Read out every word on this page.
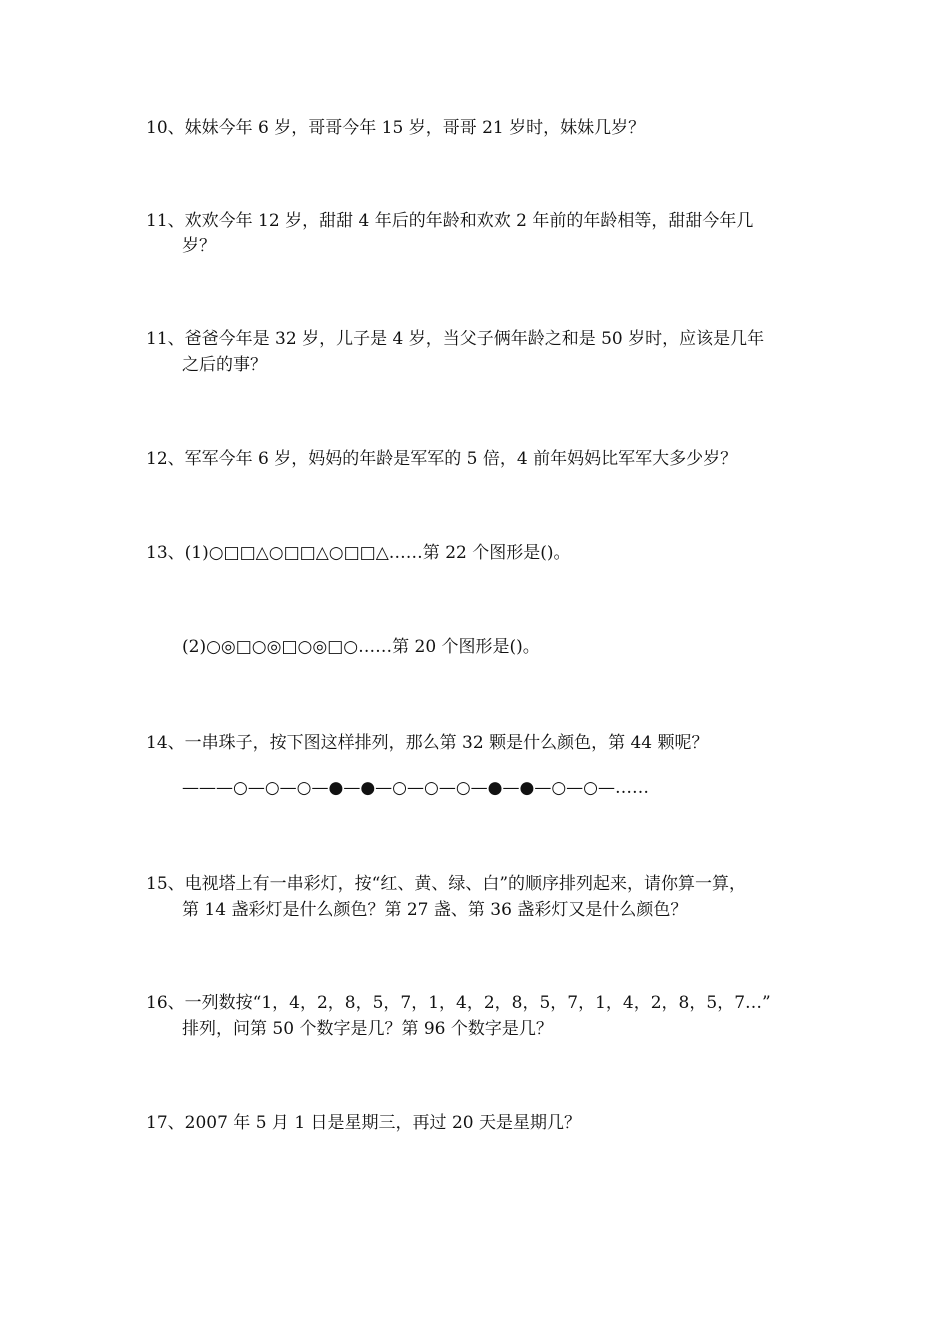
10、妹妹今年 6 岁，哥哥今年 15 岁，哥哥 21 岁时，妹妹几岁？
11、欢欢今年 12 岁，甜甜 4 年后的年龄和欢欢 2 年前的年龄相等，甜甜今年几
岁？
11、爸爸今年是 32 岁，儿子是 4 岁，当父子俩年龄之和是 50 岁时，应该是几年
之后的事？
12、军军今年 6 岁，妈妈的年龄是军军的 5 倍，4 前年妈妈比军军大多少岁？
13、(1)○□□△○□□△○□□△……第 22 个图形是()。
(2)○◎□○◎□○◎□○……第 20 个图形是()。
14、一串珠子，按下图这样排列，那么第 32 颗是什么颜色，第 44 颗呢？
———○—○—○—●—●—○—○—○—●—●—○—○—……
15、电视塔上有一串彩灯，按“红、黄、绿、白”的顺序排列起来，请你算一算，
第 14 盏彩灯是什么颜色？第 27 盏、第 36 盏彩灯又是什么颜色？
16、一列数按“1，4，2，8，5，7，1，4，2，8，5，7，1，4，2，8，5，7…”
排列，问第 50 个数字是几？第 96 个数字是几？
17、2007 年 5 月 1 日是星期三，再过 20 天是星期几？
